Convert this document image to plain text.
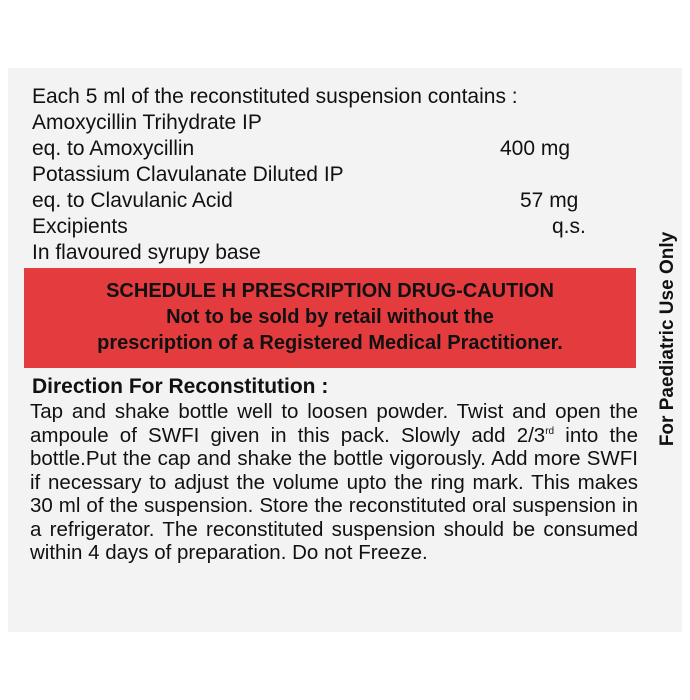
Each 5 ml of the reconstituted suspension contains :
Amoxycillin Trihydrate IP
eq. to Amoxycillin	400 mg
Potassium Clavulanate Diluted IP
eq. to Clavulanic Acid	57 mg
Excipients	q.s.
In flavoured syrupy base
SCHEDULE H PRESCRIPTION DRUG-CAUTION
Not to be sold by retail without the
prescription of a Registered Medical Practitioner.
Direction For Reconstitution :

Tap and shake bottle well to loosen powder. Twist and open the ampoule of SWFI given in this pack. Slowly add 2/3rd into the bottle.Put the cap and shake the bottle vigorously. Add more SWFI if necessary to adjust the volume upto the ring mark. This makes 30 ml of the suspension. Store the reconstituted oral suspension in a refrigerator. The reconstituted suspension should be consumed within 4 days of preparation. Do not Freeze.

For Paediatric Use Only
